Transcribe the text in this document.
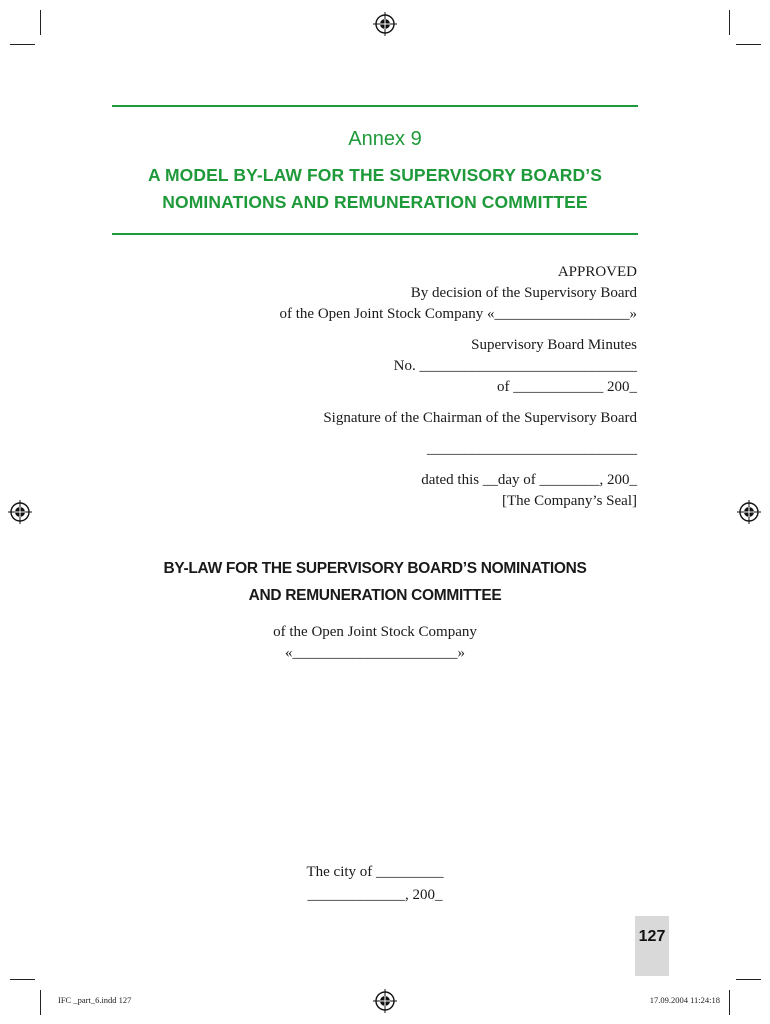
Annex 9
A MODEL BY-LAW FOR THE SUPERVISORY BOARD’S
NOMINATIONS AND REMUNERATION COMMITTEE
APPROVED
By decision of the Supervisory Board
of the Open Joint Stock Company «__________________»
Supervisory Board Minutes
No. _____________________________
of ____________ 200_
Signature of the Chairman of the Supervisory Board
____________________________
dated this __day of ________, 200_
[The Company’s Seal]
BY-LAW FOR THE SUPERVISORY BOARD’S NOMINATIONS
AND REMUNERATION COMMITTEE
of the Open Joint Stock Company
«______________________»
The city of _________
_____________, 200_
127
IFC _part_6.indd 127	17.09.2004 11:24:18
